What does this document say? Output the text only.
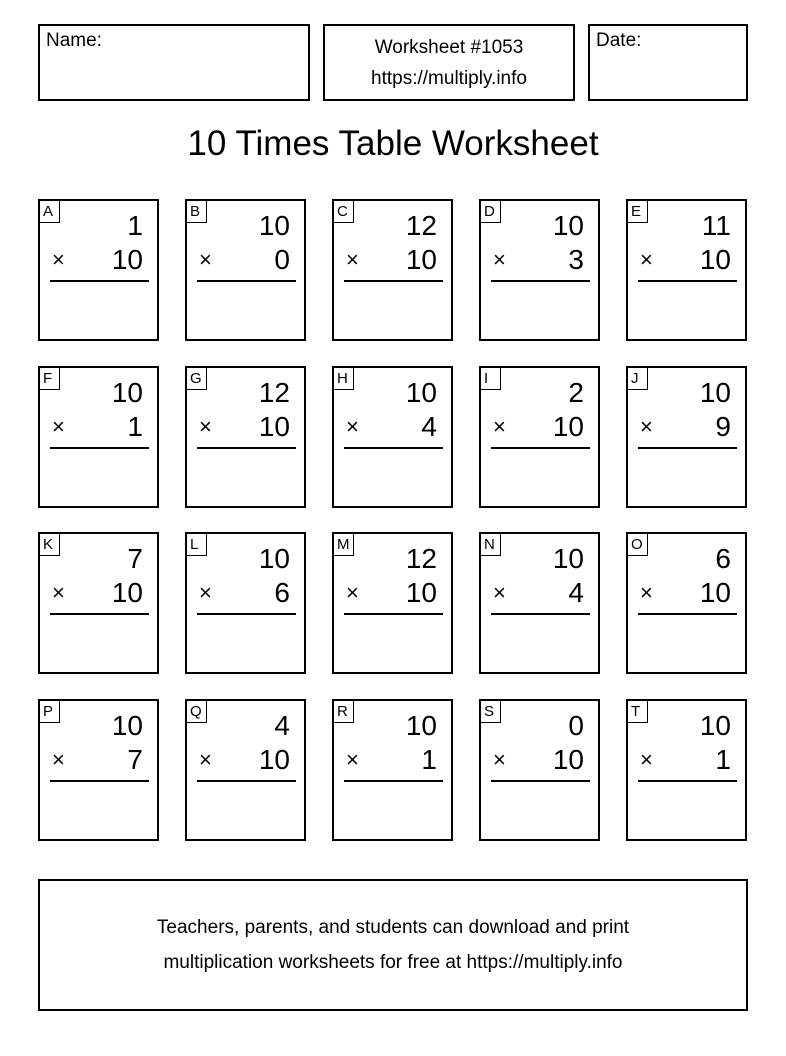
Name:	Worksheet #1053
https://multiply.info
Date:
10 Times Table Worksheet
A	1
× 10
B 10
× 0
C 12
× 10
D 10
× 3
E 11
× 10
F 10
× 1
G 12
× 10
H 10
× 4
I	2
× 10
J	10
× 9
K	7
× 10
L	10
× 6
M 12
× 10
N 10
× 4
O	6
× 10
P 10
× 7
Q	4
× 10
R 10
× 1
S	0
× 10
T 10
× 1
Teachers, parents, and students can download and print
multiplication worksheets for free at https://multiply.info
